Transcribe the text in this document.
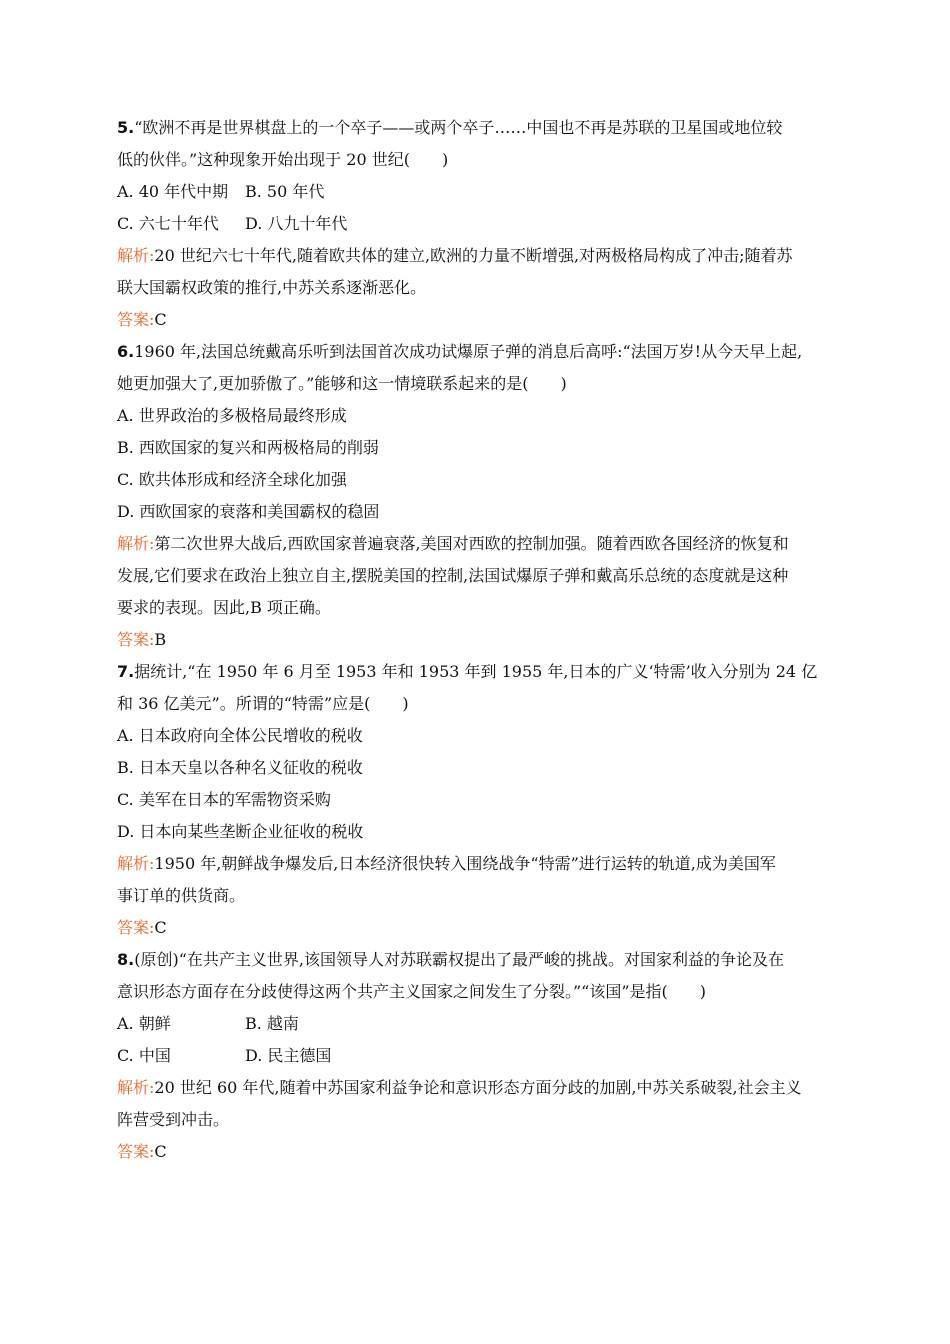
5.“欧洲不再是世界棋盘上的一个卒子——或两个卒子……中国也不再是苏联的卫星国或地位较
低的伙伴。”这种现象开始出现于 20 世纪(　　)
A. 40 年代中期	B. 50 年代
C. 六七十年代	D. 八九十年代
解析:20 世纪六七十年代,随着欧共体的建立,欧洲的力量不断增强,对两极格局构成了冲击;随着苏
联大国霸权政策的推行,中苏关系逐渐恶化。
答案:C
6.1960 年,法国总统戴高乐听到法国首次成功试爆原子弹的消息后高呼:“法国万岁!从今天早上起,
她更加强大了,更加骄傲了。”能够和这一情境联系起来的是(　　)
A. 世界政治的多极格局最终形成
B. 西欧国家的复兴和两极格局的削弱
C. 欧共体形成和经济全球化加强
D. 西欧国家的衰落和美国霸权的稳固
解析:第二次世界大战后,西欧国家普遍衰落,美国对西欧的控制加强。随着西欧各国经济的恢复和
发展,它们要求在政治上独立自主,摆脱美国的控制,法国试爆原子弹和戴高乐总统的态度就是这种
要求的表现。因此,B 项正确。
答案:B
7.据统计,“在 1950 年 6 月至 1953 年和 1953 年到 1955 年,日本的广义‘特需’收入分别为 24 亿
和 36 亿美元”。所谓的“特需”应是(　　)
A. 日本政府向全体公民增收的税收
B. 日本天皇以各种名义征收的税收
C. 美军在日本的军需物资采购
D. 日本向某些垄断企业征收的税收
解析:1950 年,朝鲜战争爆发后,日本经济很快转入围绕战争“特需”进行运转的轨道,成为美国军
事订单的供货商。
答案:C
8.(原创)“在共产主义世界,该国领导人对苏联霸权提出了最严峻的挑战。对国家利益的争论及在
意识形态方面存在分歧使得这两个共产主义国家之间发生了分裂。”“该国”是指(　　)
A. 朝鲜	B. 越南
C. 中国	D. 民主德国
解析:20 世纪 60 年代,随着中苏国家利益争论和意识形态方面分歧的加剧,中苏关系破裂,社会主义
阵营受到冲击。
答案:C
